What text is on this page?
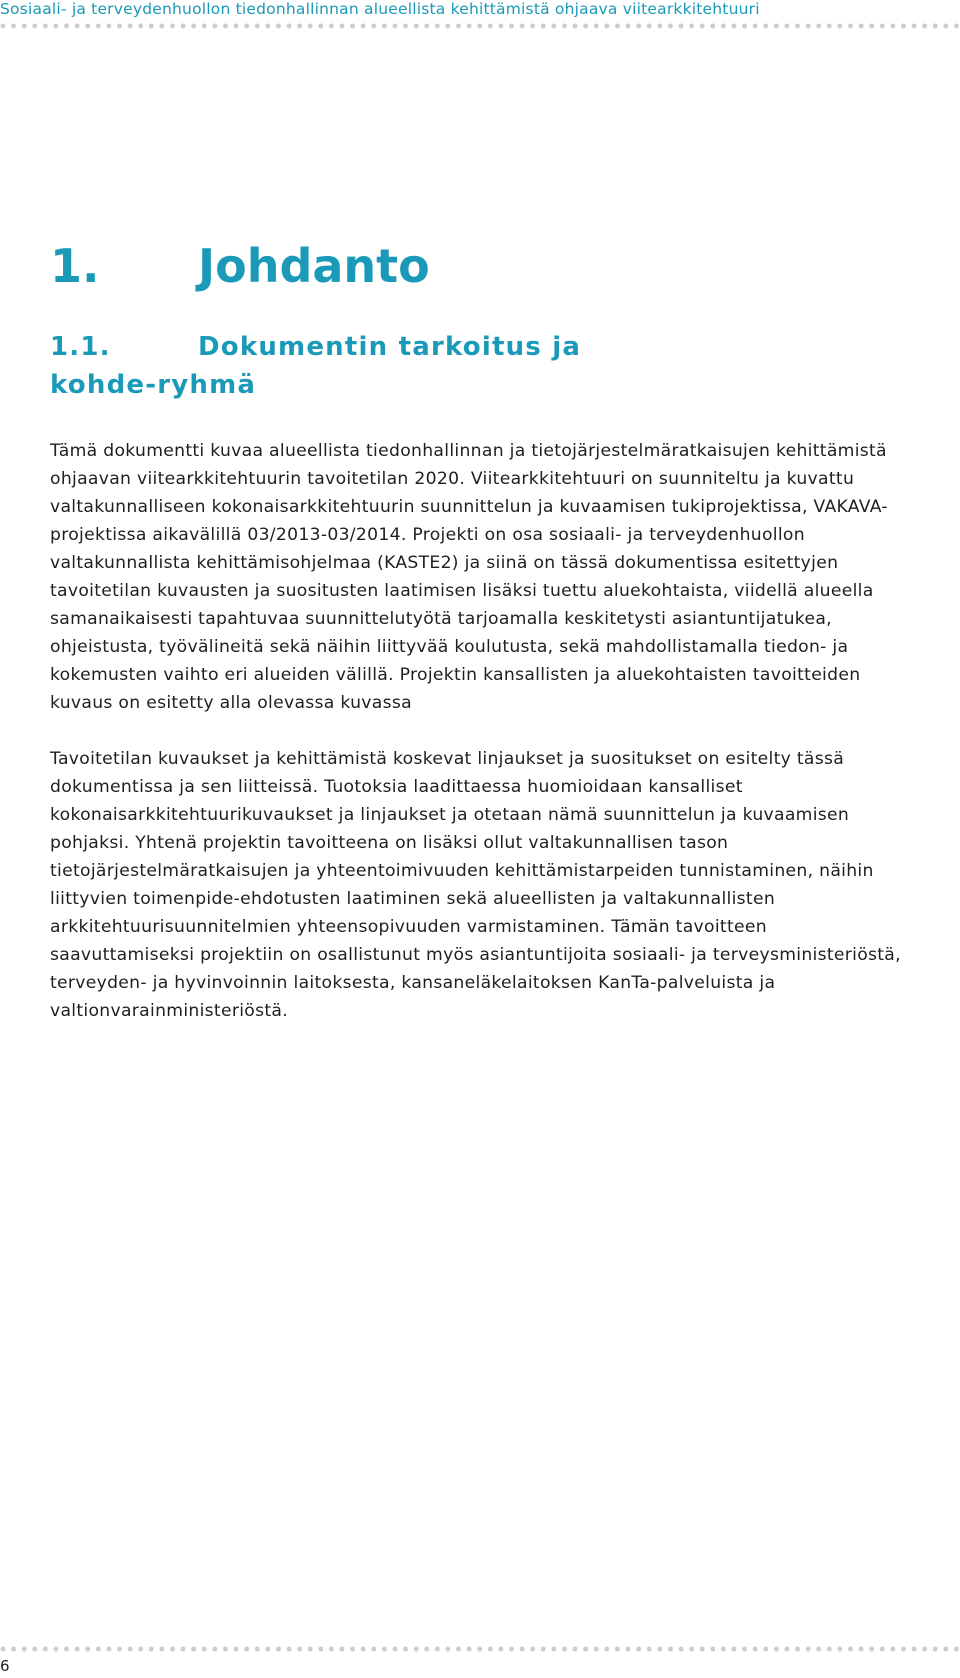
Sosiaali- ja terveydenhuollon tiedonhallinnan alueellista kehittämistä ohjaava viitearkkitehtuuri
1. Johdanto
1.1.	Dokumentin tarkoitus ja kohde-ryhmä

Tämä dokumentti kuvaa alueellista tiedonhallinnan ja tietojärjestelmäratkaisujen kehittämistä ohjaavan viitearkkitehtuurin tavoitetilan 2020. Viitearkkitehtuuri on suunniteltu ja kuvattu valtakunnalliseen kokonaisarkkitehtuurin suunnittelun ja kuvaamisen tukiprojektissa, VAKAVA-projektissa aikavälillä 03/2013-03/2014. Projekti on osa sosiaali- ja terveydenhuollon valtakunnallista kehittämisohjelmaa (KASTE2) ja siinä on tässä dokumentissa esitettyjen tavoitetilan kuvausten ja suositusten laatimisen lisäksi tuettu aluekohtaista, viidellä alueella samanaikaisesti tapahtuvaa suunnittelutyötä tarjoamalla keskitetysti asiantuntijatukea, ohjeistusta, työvälineitä sekä näihin liittyvää koulutusta, sekä mahdollistamalla tiedon- ja kokemusten vaihto eri alueiden välillä. Projektin kansallisten ja aluekohtaisten tavoitteiden kuvaus on esitetty alla olevassa kuvassa

Tavoitetilan kuvaukset ja kehittämistä koskevat linjaukset ja suositukset on esitelty tässä dokumentissa ja sen liitteissä. Tuotoksia laadittaessa huomioidaan kansalliset kokonaisarkkitehtuurikuvaukset ja linjaukset ja otetaan nämä suunnittelun ja kuvaamisen pohjaksi. Yhtenä projektin tavoitteena on lisäksi ollut valtakunnallisen tason tietojärjestelmäratkaisujen ja yhteentoimivuuden kehittämistarpeiden tunnistaminen, näihin liittyvien toimenpide-ehdotusten laatiminen sekä alueellisten ja valtakunnallisten arkkitehtuurisuunnitelmien yhteensopivuuden varmistaminen. Tämän tavoitteen saavuttamiseksi projektiin on osallistunut myös asiantuntijoita sosiaali- ja terveysministeriöstä, terveyden- ja hyvinvoinnin laitoksesta, kansaneläkelaitoksen KanTa-palveluista ja valtionvarainministeriöstä.

6
